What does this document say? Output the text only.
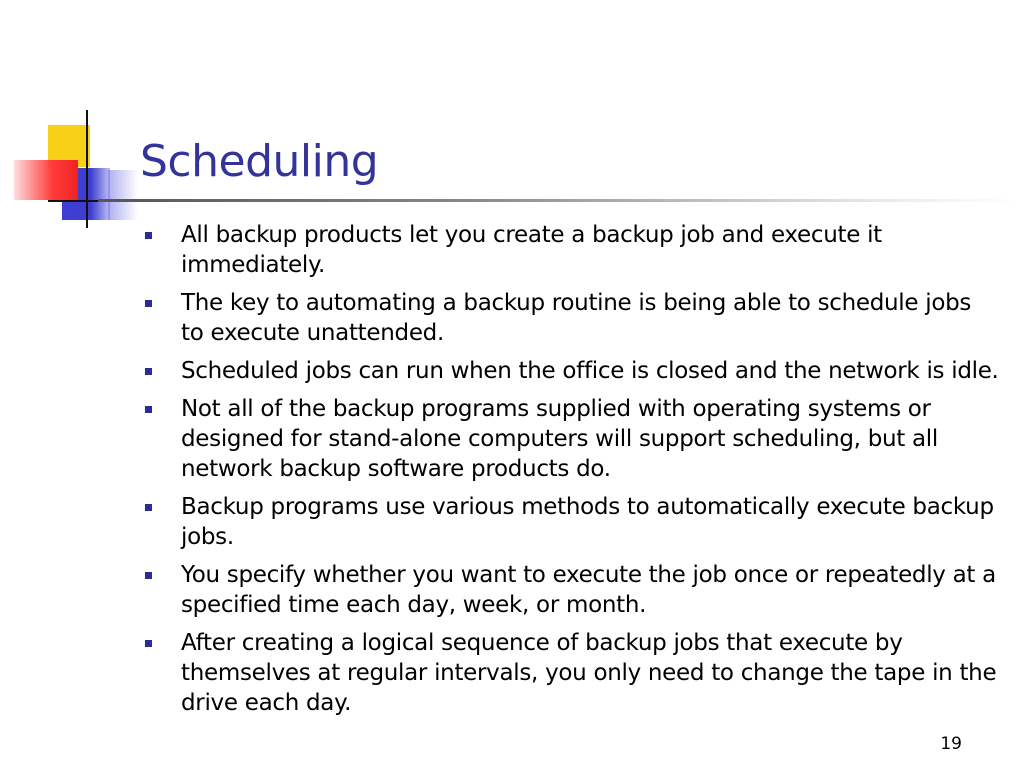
Scheduling
All backup products let you create a backup job and execute it immediately.
The key to automating a backup routine is being able to schedule jobs to execute unattended.
Scheduled jobs can run when the office is closed and the network is idle.
Not all of the backup programs supplied with operating systems or designed for stand-alone computers will support scheduling, but all network backup software products do.
Backup programs use various methods to automatically execute backup jobs.
You specify whether you want to execute the job once or repeatedly at a specified time each day, week, or month.
After creating a logical sequence of backup jobs that execute by themselves at regular intervals, you only need to change the tape in the drive each day.
19
